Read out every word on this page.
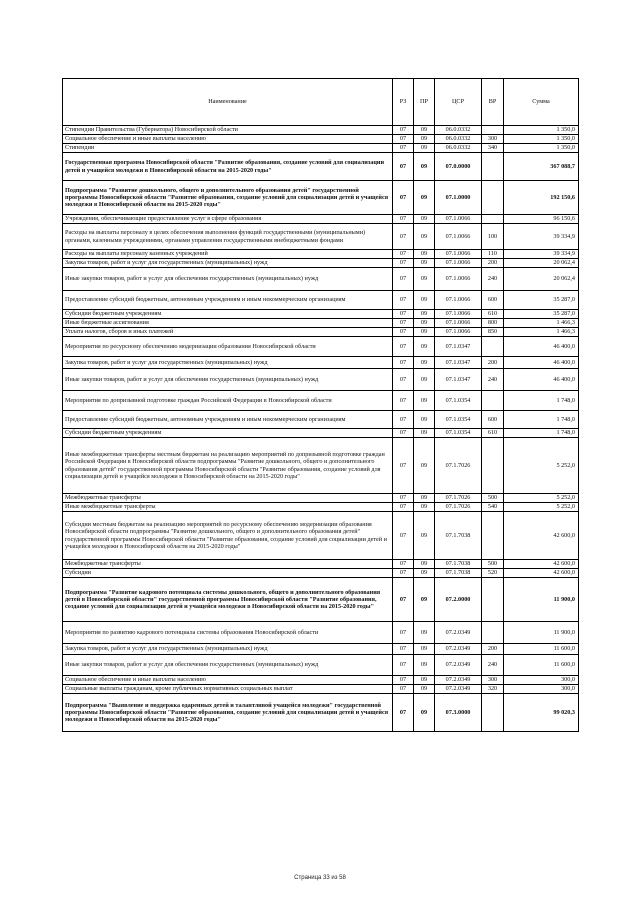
Наименование	РЗ	ПР	ЦСР	ВР	Сумма
Стипендии Правительства (Губернатора) Новосибирской области	07	09	06.0.0332		1 350,0
Социальное обеспечение и иные выплаты населению	07	09	06.0.0332	300	1 350,0
Стипендии	07	09	06.0.0332	340	1 350,0
Государственная программа Новосибирской области "Развитие образования, создание условий для социализации детей и учащейся молодежи в Новосибирской области на 2015-2020 годы"	07	09	07.0.0000		367 088,7
Подпрограмма "Развитие дошкольного, общего и дополнительного образования детей" государственной программы Новосибирской области "Развитие образования, создание условий для социализации детей и учащейся молодежи в Новосибирской области на 2015-2020 годы"	07	09	07.1.0000		192 150,6
Учреждения, обеспечивающие предоставление услуг в сфере образования	07	09	07.1.0066		96 150,6
Расходы на выплаты персоналу в целях обеспечения выполнения функций государственными (муниципальными) органами, казенными учреждениями, органами управления государственными внебюджетными фондами	07	09	07.1.0066	100	39 334,9
Расходы на выплаты персоналу казенных учреждений	07	09	07.1.0066	110	39 334,9
Закупка товаров, работ и услуг для государственных (муниципальных) нужд	07	09	07.1.0066	200	20 062,4
Иные закупки товаров, работ и услуг для обеспечения государственных (муниципальных) нужд	07	09	07.1.0066	240	20 062,4
Предоставление субсидий бюджетным, автономным учреждениям и иным некоммерческим организациям	07	09	07.1.0066	600	35 287,0
Субсидии бюджетным учреждениям	07	09	07.1.0066	610	35 287,0
Иные бюджетные ассигнования	07	09	07.1.0066	800	1 466,3
Уплата налогов, сборов и иных платежей	07	09	07.1.0066	850	1 466,3
Мероприятия по ресурсному обеспечению модернизации образования Новосибирской области	07	09	07.1.0347		46 400,0
Закупка товаров, работ и услуг для государственных (муниципальных) нужд	07	09	07.1.0347	200	46 400,0
Иные закупки товаров, работ и услуг для обеспечения государственных (муниципальных) нужд	07	09	07.1.0347	240	46 400,0
Мероприятия по допризывной подготовке граждан Российской Федерации в Новосибирской области	07	09	07.1.0354		1 748,0
Предоставление субсидий бюджетным, автономным учреждениям и иным некоммерческим организациям	07	09	07.1.0354	600	1 748,0
Субсидии бюджетным учреждениям	07	09	07.1.0354	610	1 748,0
Иные межбюджетные трансферты местным бюджетам на реализацию мероприятий по допризывной подготовке граждан Российской Федерации в Новосибирской области подпрограммы "Развитие дошкольного, общего и дополнительного образования детей" государственной программы Новосибирской области "Развитие образования, создание условий для социализации детей и учащейся молодежи в Новосибирской области на 2015-2020 годы"	07	09	07.1.7026		5 252,0
Межбюджетные трансферты	07	09	07.1.7026	500	5 252,0
Иные межбюджетные трансферты	07	09	07.1.7026	540	5 252,0
Субсидии местным бюджетам на реализацию мероприятий по ресурсному обеспечению модернизации образования Новосибирской области подпрограммы "Развитие дошкольного, общего и дополнительного образования детей" государственной программы Новосибирской области "Развитие образования, создание условий для социализации детей и учащейся молодежи в Новосибирской области на 2015-2020 годы"	07	09	07.1.7038		42 600,0
Межбюджетные трансферты	07	09	07.1.7038	500	42 600,0
Субсидии	07	09	07.1.7038	520	42 600,0
Подпрограмма "Развитие кадрового потенциала системы дошкольного, общего и дополнительного образования детей в Новосибирской области" государственной программы Новосибирской области "Развитие образования, создание условий для социализации детей и учащейся молодежи в Новосибирской области на 2015-2020 годы"	07	09	07.2.0000		11 900,0
Мероприятия по развитию кадрового потенциала системы образования Новосибирской области	07	09	07.2.0349		11 900,0
Закупка товаров, работ и услуг для государственных (муниципальных) нужд	07	09	07.2.0349	200	11 600,0
Иные закупки товаров, работ и услуг для обеспечения государственных (муниципальных) нужд	07	09	07.2.0349	240	11 600,0
Социальное обеспечение и иные выплаты населению	07	09	07.2.0349	300	300,0
Социальные выплаты гражданам, кроме публичных нормативных социальных выплат	07	09	07.2.0349	320	300,0
Подпрограмма "Выявление и поддержка одаренных детей и талантливой учащейся молодежи" государственной программы Новосибирской области "Развитие образования, создание условий для социализации детей и учащейся молодежи в Новосибирской области на 2015-2020 годы"	07	09	07.3.0000		99 020,3
Страница 33 из 58
